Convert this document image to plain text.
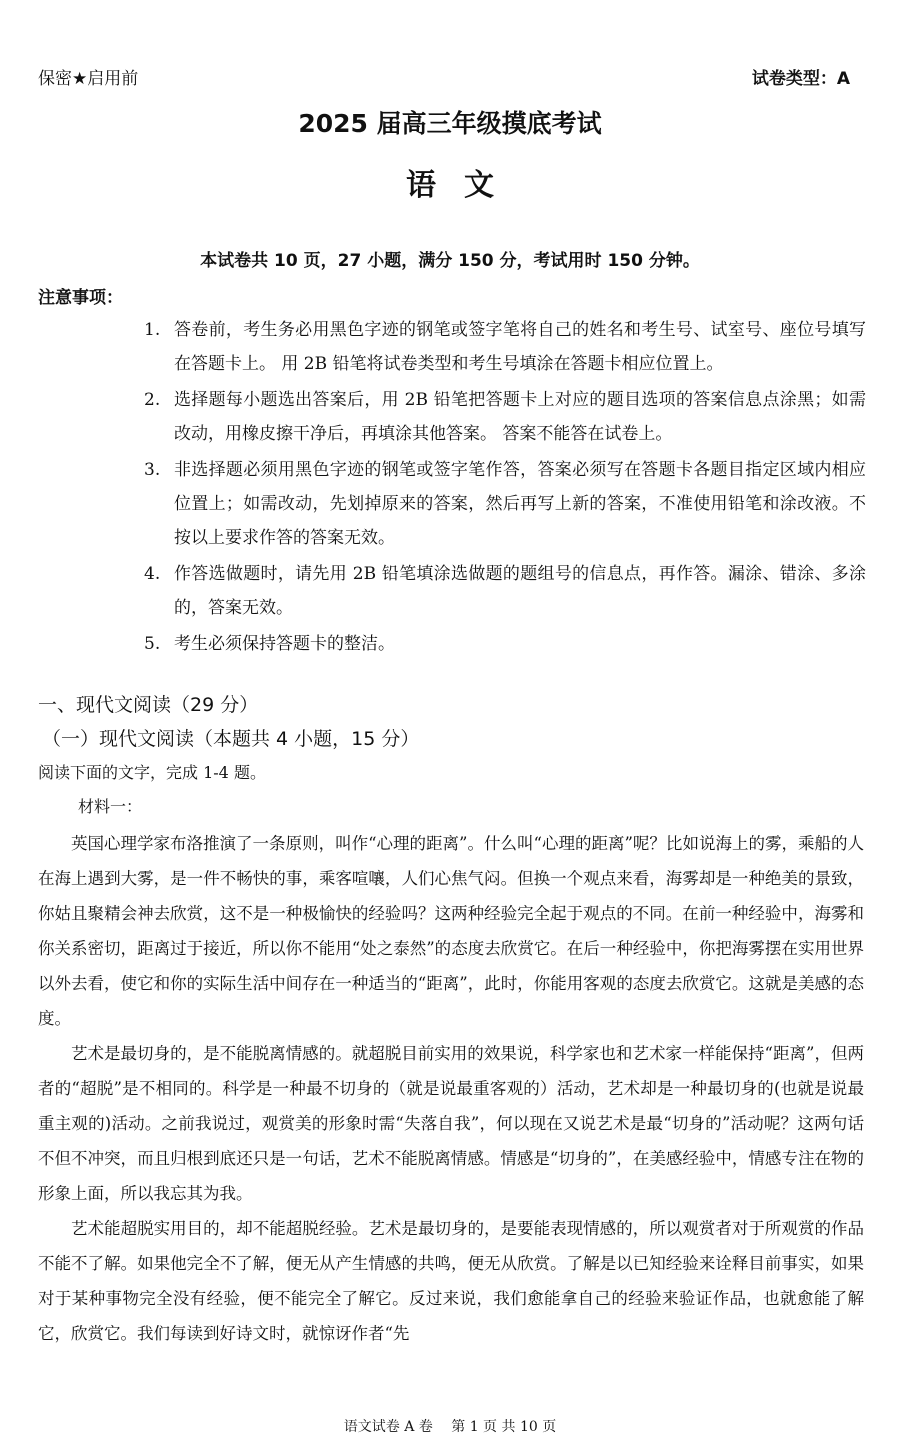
保密★启用前	试卷类型：A
2025 届高三年级摸底考试
语文
本试卷共 10 页，27 小题，满分 150 分，考试用时 150 分钟。
注意事项：
1. 答卷前，考生务必用黑色字迹的钢笔或签字笔将自己的姓名和考生号、试室号、座位号填写在答题卡上。 用 2B 铅笔将试卷类型和考生号填涂在答题卡相应位置上。
2. 选择题每小题选出答案后，用 2B 铅笔把答题卡上对应的题目选项的答案信息点涂黑；如需改动，用橡皮擦干净后，再填涂其他答案。 答案不能答在试卷上。
3. 非选择题必须用黑色字迹的钢笔或签字笔作答，答案必须写在答题卡各题目指定区域内相应位置上；如需改动，先划掉原来的答案，然后再写上新的答案，不准使用铅笔和涂改液。不按以上要求作答的答案无效。
4. 作答选做题时，请先用 2B 铅笔填涂选做题的题组号的信息点，再作答。漏涂、错涂、多涂的，答案无效。
5. 考生必须保持答题卡的整洁。
一、现代文阅读（29 分）
（一）现代文阅读（本题共 4 小题，15 分）
阅读下面的文字，完成 1-4 题。
材料一：

英国心理学家布洛推演了一条原则，叫作“心理的距离”。什么叫“心理的距离”呢？比如说海上的雾，乘船的人在海上遇到大雾，是一件不畅快的事，乘客喧嚷，人们心焦气闷。但换一个观点来看，海雾却是一种绝美的景致，你姑且聚精会神去欣赏，这不是一种极愉快的经验吗？这两种经验完全起于观点的不同。在前一种经验中，海雾和你关系密切，距离过于接近，所以你不能用“处之泰然”的态度去欣赏它。在后一种经验中，你把海雾摆在实用世界以外去看，使它和你的实际生活中间存在一种适当的“距离”，此时，你能用客观的态度去欣赏它。这就是美感的态度。

艺术是最切身的，是不能脱离情感的。就超脱目前实用的效果说，科学家也和艺术家一样能保持“距离”，但两者的“超脱”是不相同的。科学是一种最不切身的（就是说最重客观的）活动，艺术却是一种最切身的(也就是说最重主观的)活动。之前我说过，观赏美的形象时需“失落自我”，何以现在又说艺术是最“切身的”活动呢？这两句话不但不冲突，而且归根到底还只是一句话，艺术不能脱离情感。情感是“切身的”，在美感经验中，情感专注在物的形象上面，所以我忘其为我。

艺术能超脱实用目的，却不能超脱经验。艺术是最切身的，是要能表现情感的，所以观赏者对于所观赏的作品不能不了解。如果他完全不了解，便无从产生情感的共鸣，便无从欣赏。了解是以已知经验来诠释目前事实，如果对于某种事物完全没有经验，便不能完全了解它。反过来说，我们愈能拿自己的经验来验证作品，也就愈能了解它，欣赏它。我们每读到好诗文时，就惊讶作者“先

语文试卷 A 卷　 第 1 页 共 10 页
